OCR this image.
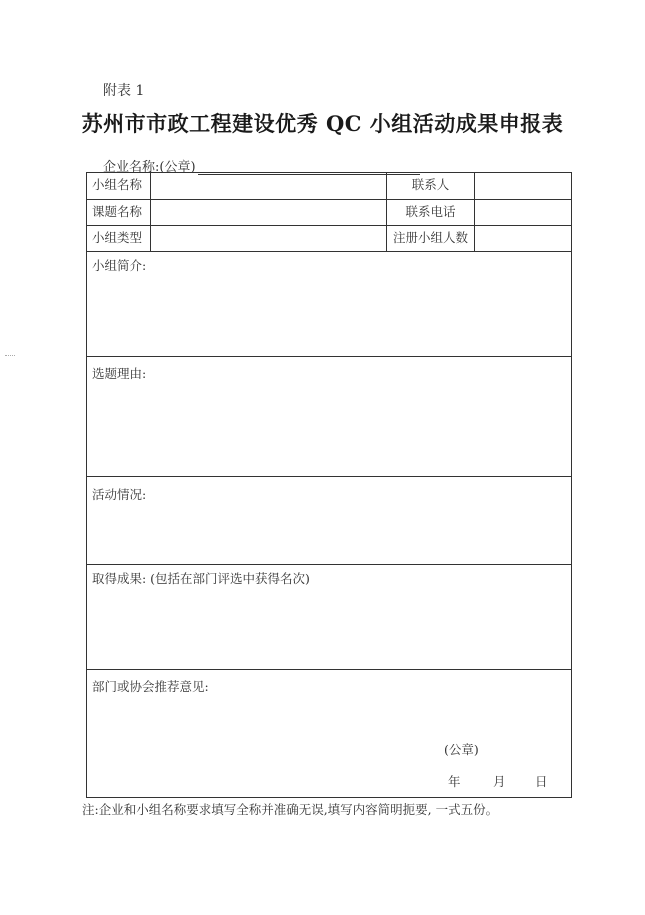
附表 1
苏州市市政工程建设优秀 QC 小组活动成果申报表
企业名称:(公章)
小组名称	联系人
课题名称	联系电话
小组类型	注册小组人数
小组简介:
选题理由:
活动情况:
取得成果: (包括在部门评选中获得名次)
部门或协会推荐意见:
(公章)
年	月 日
注:企业和小组名称要求填写全称并准确无误,填写内容简明扼要, 一式五份。
